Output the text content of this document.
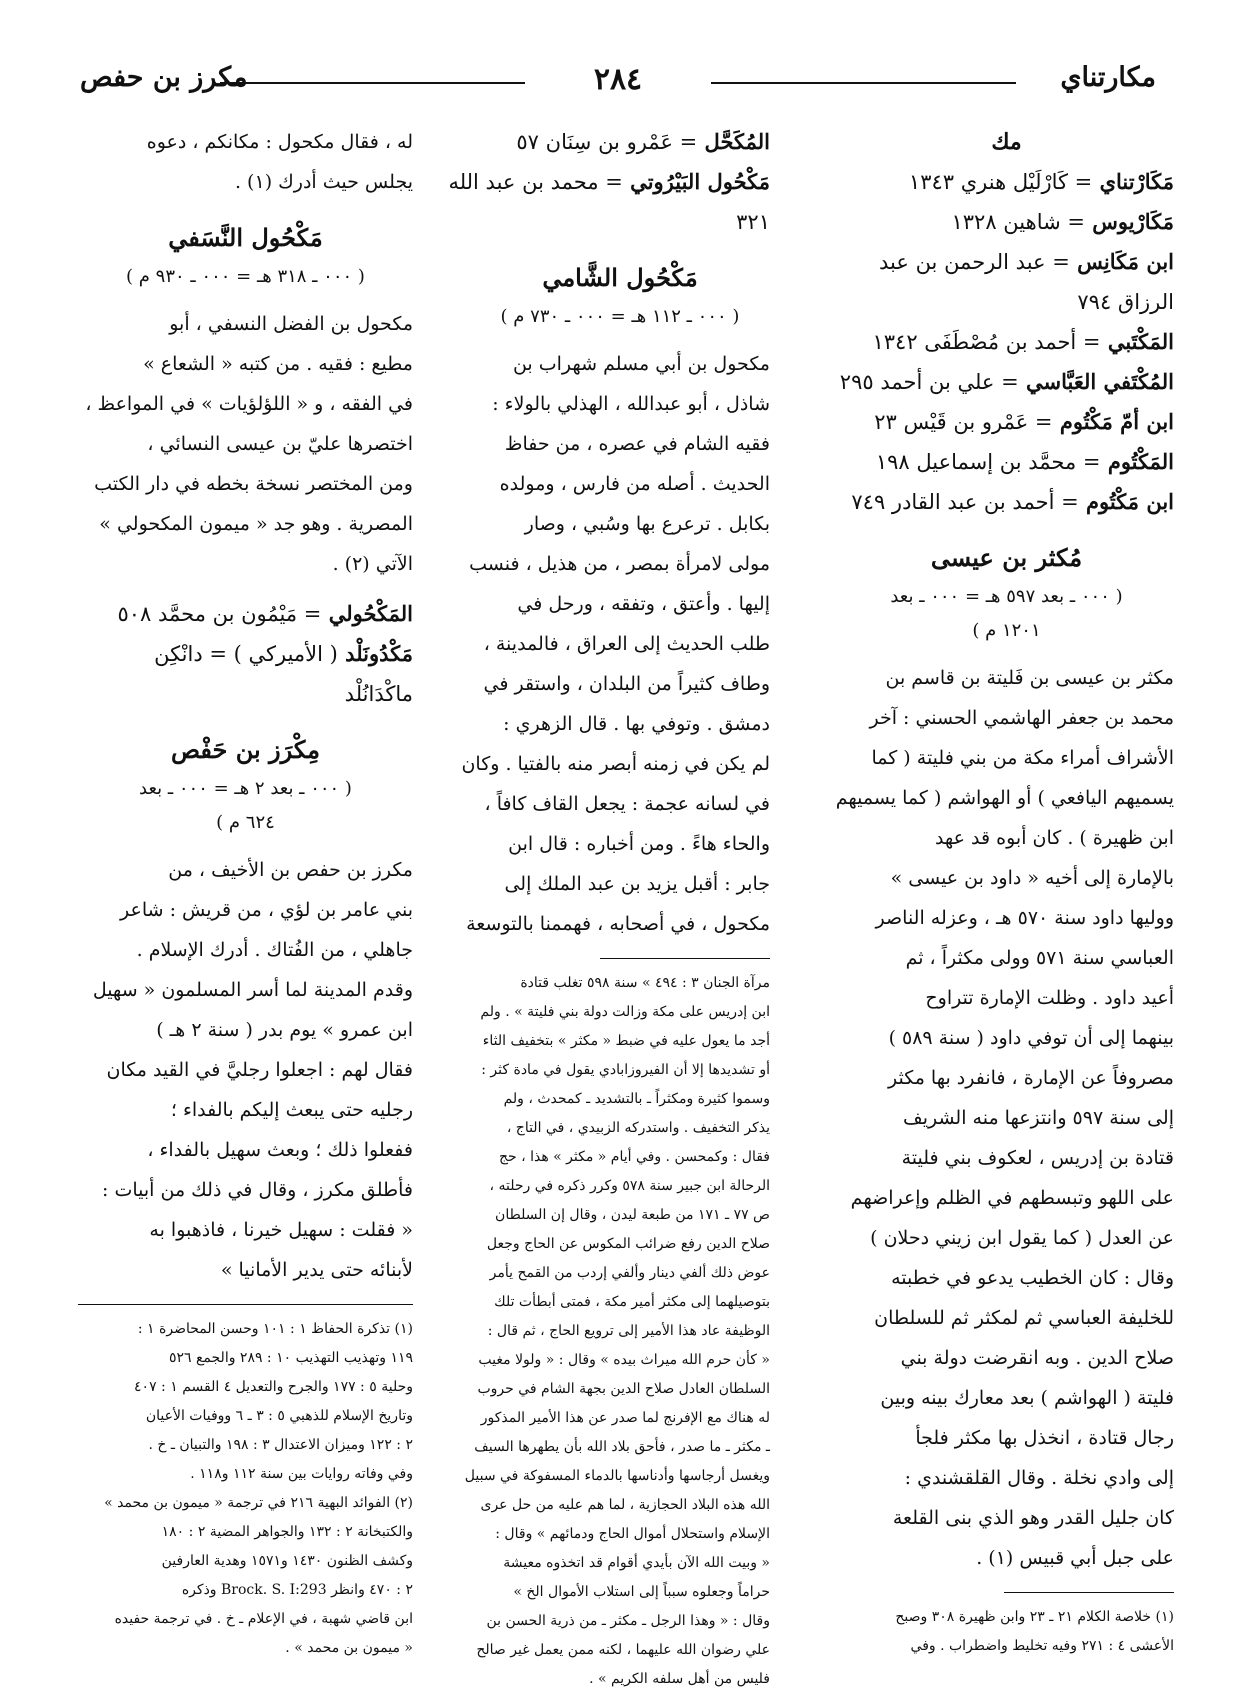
مكارتناي
٢٨٤
مكرز بن حفص
مك
مَكَارْتناي = كَارْلَيْل هنري ١٣٤٣
مَكَارْيوس = شاهين ١٣٢٨
ابن مَكَانِس = عبد الرحمن بن عبد
الرزاق ٧٩٤
المَكْتَبي = أحمد بن مُصْطَفَى ١٣٤٢
المُكْتَفي العَبَّاسي = علي بن أحمد ٢٩٥
ابن أمّ مَكْتُوم = عَمْرو بن قَيْس ٢٣
المَكْتُوم = محمَّد بن إسماعيل ١٩٨
ابن مَكْتُوم = أحمد بن عبد القادر ٧٤٩
مُكثر بن عيسى
( ٠٠٠ ـ بعد ٥٩٧ هـ = ٠٠٠ ـ بعد
١٢٠١ م )
مكثر بن عيسى بن فَليتة بن قاسم بن
محمد بن جعفر الهاشمي الحسني : آخر
الأشراف أمراء مكة من بني فليتة ( كما
يسميهم اليافعي ) أو الهواشم ( كما يسميهم
ابن ظهيرة ) . كان أبوه قد عهد
بالإمارة إلى أخيه « داود بن عيسى »
ووليها داود سنة ٥٧٠ هـ ، وعزله الناصر
العباسي سنة ٥٧١ وولى مكثراً ، ثم
أعيد داود . وظلت الإمارة تتراوح
بينهما إلى أن توفي داود ( سنة ٥٨٩ )
مصروفاً عن الإمارة ، فانفرد بها مكثر
إلى سنة ٥٩٧ وانتزعها منه الشريف
قتادة بن إدريس ، لعكوف بني فليتة
على اللهو وتبسطهم في الظلم وإعراضهم
عن العدل ( كما يقول ابن زيني دحلان )
وقال : كان الخطيب يدعو في خطبته
للخليفة العباسي ثم لمكثر ثم للسلطان
صلاح الدين . وبه انقرضت دولة بني
فليتة ( الهواشم ) بعد معارك بينه وبين
رجال قتادة ، انخذل بها مكثر فلجأ
إلى وادي نخلة . وقال القلقشندي :
كان جليل القدر وهو الذي بنى القلعة
على جبل أبي قبيس (١) .
(١) خلاصة الكلام ٢١ ـ ٢٣ وابن ظهيرة ٣٠٨ وصبح
الأعشى ٤ : ٢٧١ وفيه تخليط واضطراب . وفي
المُكَحَّل = عَمْرو بن سِنَان ٥٧
مَكْحُول البَيْرُوتي = محمد بن عبد الله
٣٢١
مَكْحُول الشَّامي
( ٠٠٠ ـ ١١٢ هـ = ٠٠٠ ـ ٧٣٠ م )
مكحول بن أبي مسلم شهراب بن
شاذل ، أبو عبدالله ، الهذلي بالولاء :
فقيه الشام في عصره ، من حفاظ
الحديث . أصله من فارس ، ومولده
بكابل . ترعرع بها وسُبي ، وصار
مولى لامرأة بمصر ، من هذيل ، فنسب
إليها . وأعتق ، وتفقه ، ورحل في
طلب الحديث إلى العراق ، فالمدينة ،
وطاف كثيراً من البلدان ، واستقر في
دمشق . وتوفي بها . قال الزهري :
لم يكن في زمنه أبصر منه بالفتيا . وكان
في لسانه عجمة : يجعل القاف كافاً ،
والحاء هاءً . ومن أخباره : قال ابن
جابر : أقبل يزيد بن عبد الملك إلى
مكحول ، في أصحابه ، فهممنا بالتوسعة
مرآة الجنان ٣ : ٤٩٤ » سنة ٥٩٨ تغلب قتادة
ابن إدريس على مكة وزالت دولة بني فليتة » . ولم
أجد ما يعول عليه في ضبط « مكثر » بتخفيف الثاء
أو تشديدها إلا أن الفيروزابادي يقول في مادة كثر :
وسموا كثيرة ومكثراً ـ بالتشديد ـ كمحدث ، ولم
يذكر التخفيف . واستدركه الزبيدي ، في التاج ،
فقال : وكمحسن . وفي أيام « مكثر » هذا ، حج
الرحالة ابن جبير سنة ٥٧٨ وكرر ذكره في رحلته ،
ص ٧٧ ـ ١٧١ من طبعة ليدن ، وقال إن السلطان
صلاح الدين رفع ضرائب المكوس عن الحاج وجعل
عوض ذلك ألفي دينار وألفي إردب من القمح يأمر
بتوصيلهما إلى مكثر أمير مكة ، فمتى أبطأت تلك
الوظيفة عاد هذا الأمير إلى ترويع الحاج ، ثم قال :
« كأن حرم الله ميراث بيده » وقال : « ولولا مغيب
السلطان العادل صلاح الدين بجهة الشام في حروب
له هناك مع الإفرنج لما صدر عن هذا الأمير المذكور
ـ مكثر ـ ما صدر ، فأحق بلاد الله بأن يطهرها السيف
ويغسل أرجاسها وأدناسها بالدماء المسفوكة في سبيل
الله هذه البلاد الحجازية ، لما هم عليه من حل عرى
الإسلام واستحلال أموال الحاج ودمائهم » وقال :
« وبيت الله الآن بأيدي أقوام قد اتخذوه معيشة
حراماً وجعلوه سبباً إلى استلاب الأموال الخ »
وقال : « وهذا الرجل ـ مكثر ـ من ذرية الحسن بن
علي رضوان الله عليهما ، لكنه ممن يعمل غير صالح
فليس من أهل سلفه الكريم » .
له ، فقال مكحول : مكانكم ، دعوه
يجلس حيث أدرك (١) .
مَكْحُول النَّسَفي
( ٠٠٠ ـ ٣١٨ هـ = ٠٠٠ ـ ٩٣٠ م )
مكحول بن الفضل النسفي ، أبو
مطيع : فقيه . من كتبه « الشعاع »
في الفقه ، و « اللؤلؤيات » في المواعظ ،
اختصرها عليّ بن عيسى النسائي ،
ومن المختصر نسخة بخطه في دار الكتب
المصرية . وهو جد « ميمون المكحولي »
الآتي (٢) .
المَكْحُولي = مَيْمُون بن محمَّد ٥٠٨
مَكْدُونَلْد ( الأميركي ) = دانْكِن
ماكْدَانُلْد
مِكْرَز بن حَفْص
( ٠٠٠ ـ بعد ٢ هـ = ٠٠٠ ـ بعد
٦٢٤ م )
مكرز بن حفص بن الأخيف ، من
بني عامر بن لؤي ، من قريش : شاعر
جاهلي ، من الفُتاك . أدرك الإسلام .
وقدم المدينة لما أسر المسلمون « سهيل
ابن عمرو » يوم بدر ( سنة ٢ هـ )
فقال لهم : اجعلوا رجليَّ في القيد مكان
رجليه حتى يبعث إليكم بالفداء ؛
ففعلوا ذلك ؛ وبعث سهيل بالفداء ،
فأطلق مكرز ، وقال في ذلك من أبيات :
« فقلت : سهيل خيرنا ، فاذهبوا به
لأبنائه حتى يدير الأمانيا »
(١) تذكرة الحفاظ ١ : ١٠١ وحسن المحاضرة ١ :
١١٩ وتهذيب التهذيب ١٠ : ٢٨٩ والجمع ٥٢٦
وحلية ٥ : ١٧٧ والجرح والتعديل ٤ القسم ١ : ٤٠٧
وتاريخ الإسلام للذهبي ٥ : ٣ ـ ٦ ووفيات الأعيان
٢ : ١٢٢ وميزان الاعتدال ٣ : ١٩٨ والتبيان ـ خ .
وفي وفاته روايات بين سنة ١١٢ و١١٨ .
(٢) الفوائد البهية ٢١٦ في ترجمة « ميمون بن محمد »
والكتبخانة ٢ : ١٣٢ والجواهر المضية ٢ : ١٨٠
وكشف الظنون ١٤٣٠ و١٥٧١ وهدية العارفين
٢ : ٤٧٠ وانظر Brock. S. I:293 وذكره
ابن قاضي شهبة ، في الإعلام ـ خ . في ترجمة حفيده
« ميمون بن محمد » .
